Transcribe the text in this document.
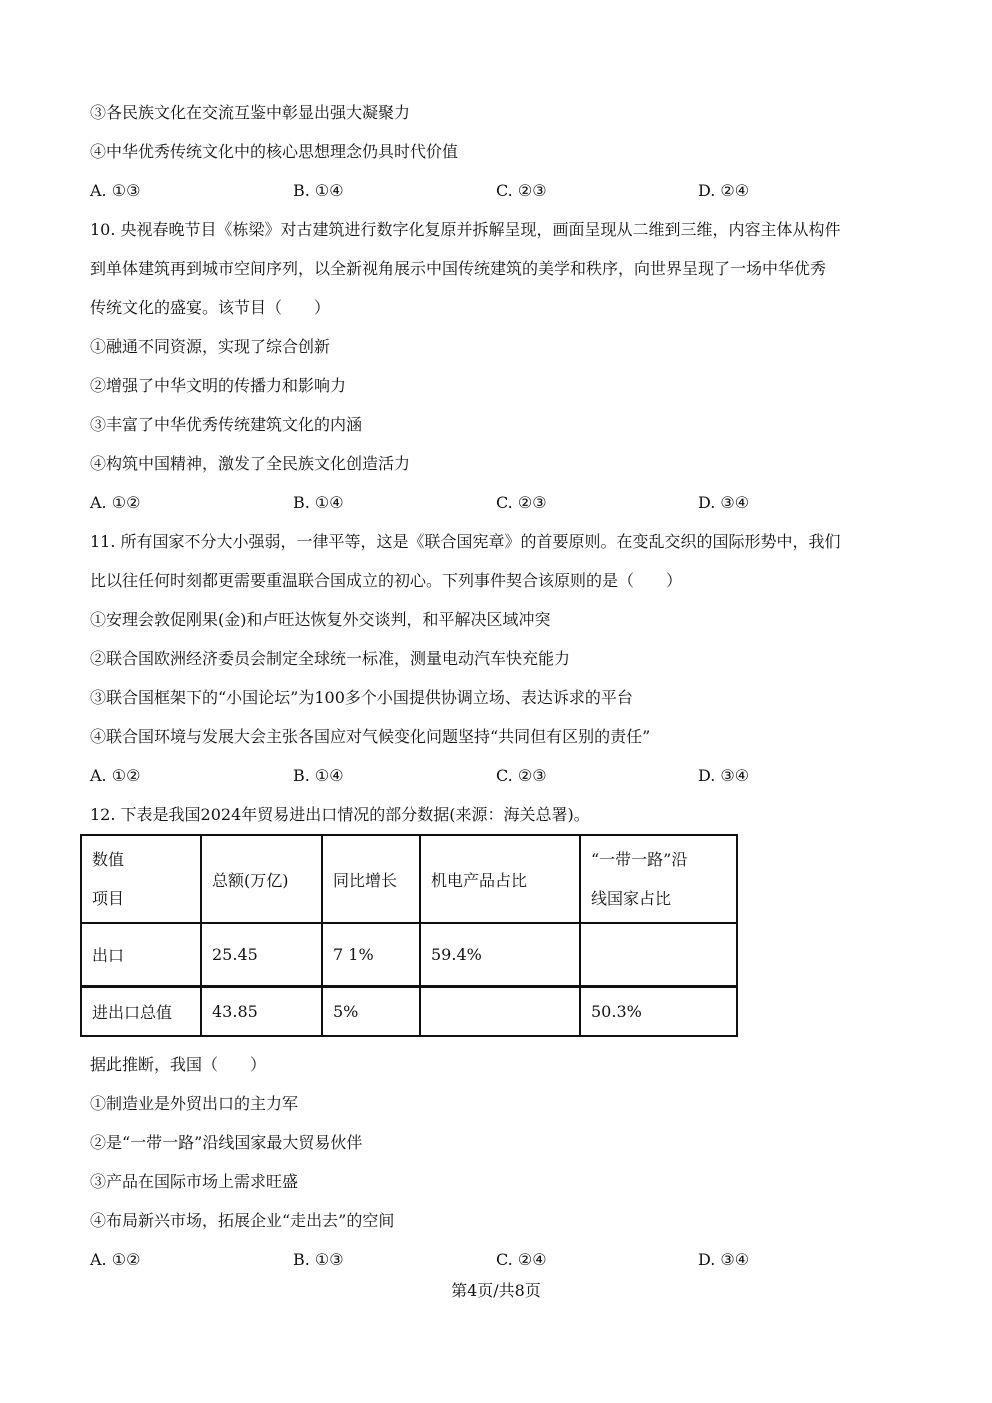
③各民族文化在交流互鉴中彰显出强大凝聚力
④中华优秀传统文化中的核心思想理念仍具时代价值
A. ①③	B. ①④	C. ②③	D. ②④
10. 央视春晚节目《栋梁》对古建筑进行数字化复原并拆解呈现，画面呈现从二维到三维，内容主体从构件
到单体建筑再到城市空间序列，以全新视角展示中国传统建筑的美学和秩序，向世界呈现了一场中华优秀
传统文化的盛宴。该节目（　　）
①融通不同资源，实现了综合创新
②增强了中华文明的传播力和影响力
③丰富了中华优秀传统建筑文化的内涵
④构筑中国精神，激发了全民族文化创造活力
A. ①②	B. ①④	C. ②③	D. ③④
11. 所有国家不分大小强弱，一律平等，这是《联合国宪章》的首要原则。在变乱交织的国际形势中，我们
比以往任何时刻都更需要重温联合国成立的初心。下列事件契合该原则的是（　　）
①安理会敦促刚果(金)和卢旺达恢复外交谈判，和平解决区域冲突
②联合国欧洲经济委员会制定全球统一标准，测量电动汽车快充能力
③联合国框架下的“小国论坛”为100多个小国提供协调立场、表达诉求的平台
④联合国环境与发展大会主张各国应对气候变化问题坚持“共同但有区别的责任”
A. ①②	B. ①④	C. ②③	D. ③④
12. 下表是我国2024年贸易进出口情况的部分数据(来源：海关总署)。
数值
项目	总额(万亿)	同比增长	机电产品占比	“一带一路”沿
线国家占比

出口	25.45	7 1%	59.4%	
进出口总值	43.85	5%		50.3%
据此推断，我国（　　）
①制造业是外贸出口的主力军
②是“一带一路”沿线国家最大贸易伙伴
③产品在国际市场上需求旺盛
④布局新兴市场，拓展企业“走出去”的空间
A. ①②	B. ①③	C. ②④	D. ③④
第4页/共8页
